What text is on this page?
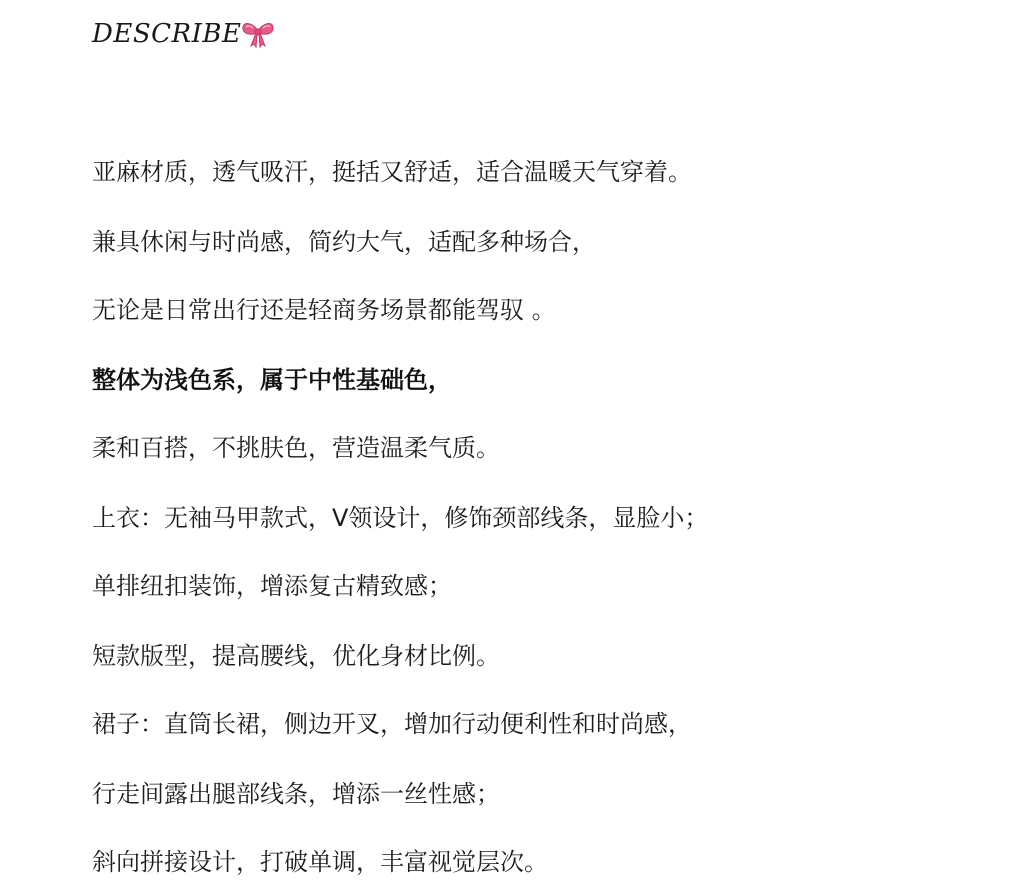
DESCRIBE
亚麻材质，透气吸汗，挺括又舒适，适合温暖天气穿着。
兼具休闲与时尚感，简约大气，适配多种场合，
无论是日常出行还是轻商务场景都能驾驭 。
整体为浅色系，属于中性基础色，
柔和百搭，不挑肤色，营造温柔气质。
上衣：无袖马甲款式，V领设计，修饰颈部线条，显脸小；
单排纽扣装饰，增添复古精致感；
短款版型，提高腰线，优化身材比例。
裙子：直筒长裙，侧边开叉，增加行动便利性和时尚感，
行走间露出腿部线条，增添一丝性感；
斜向拼接设计，打破单调，丰富视觉层次。
